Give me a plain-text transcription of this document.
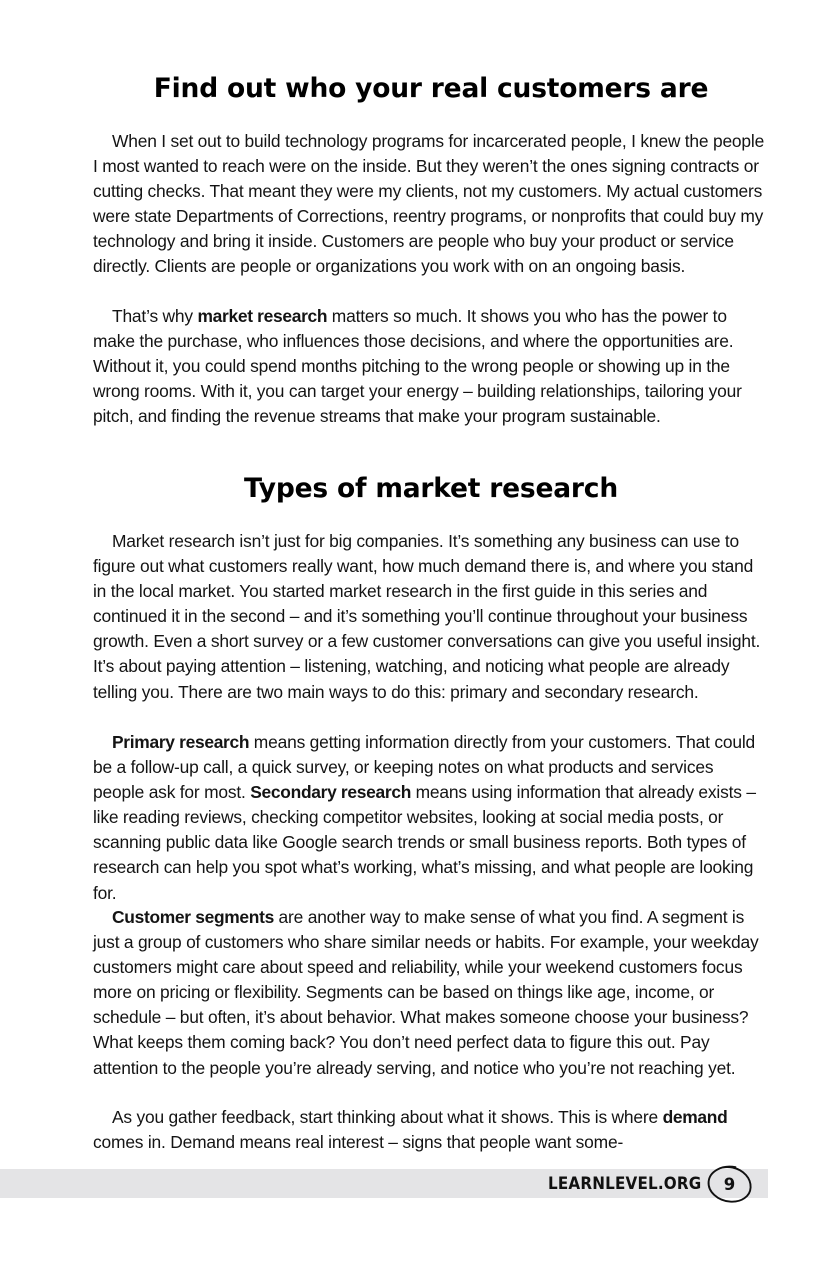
Find out who your real customers are

When I set out to build technology programs for incarcerated people, I knew the people I most wanted to reach were on the inside. But they weren’t the ones signing contracts or cutting checks. That meant they were my clients, not my customers. My actual customers were state Departments of Corrections, reentry programs, or nonprofits that could buy my technology and bring it inside. Customers are people who buy your product or service directly. Clients are people or organizations you work with on an ongoing basis.

That’s why market research matters so much. It shows you who has the power to make the purchase, who influences those decisions, and where the opportunities are. Without it, you could spend months pitching to the wrong people or showing up in the wrong rooms. With it, you can target your energy – building relationships, tailoring your pitch, and finding the revenue streams that make your program sustainable.

Types of market research

Market research isn’t just for big companies. It’s something any business can use to figure out what customers really want, how much demand there is, and where you stand in the local market. You started market research in the first guide in this series and continued it in the second – and it’s something you’ll continue throughout your business growth. Even a short survey or a few customer conversations can give you useful insight. It’s about paying attention – listening, watching, and noticing what people are already telling you. There are two main ways to do this: primary and secondary research.

Primary research means getting information directly from your customers. That could be a follow-up call, a quick survey, or keeping notes on what products and services people ask for most. Secondary research means using information that already exists – like reading reviews, checking competitor websites, looking at social media posts, or scanning public data like Google search trends or small business reports. Both types of research can help you spot what’s working, what’s missing, and what people are looking for.

Customer segments are another way to make sense of what you find. A segment is just a group of customers who share similar needs or habits. For example, your weekday customers might care about speed and reliability, while your weekend customers focus more on pricing or flexibility. Segments can be based on things like age, income, or schedule – but often, it’s about behavior. What makes someone choose your business? What keeps them coming back? You don’t need perfect data to figure this out. Pay attention to the people you’re already serving, and notice who you’re not reaching yet.

As you gather feedback, start thinking about what it shows. This is where demand comes in. Demand means real interest – signs that people want some-

LEARNLEVEL.ORG	9
